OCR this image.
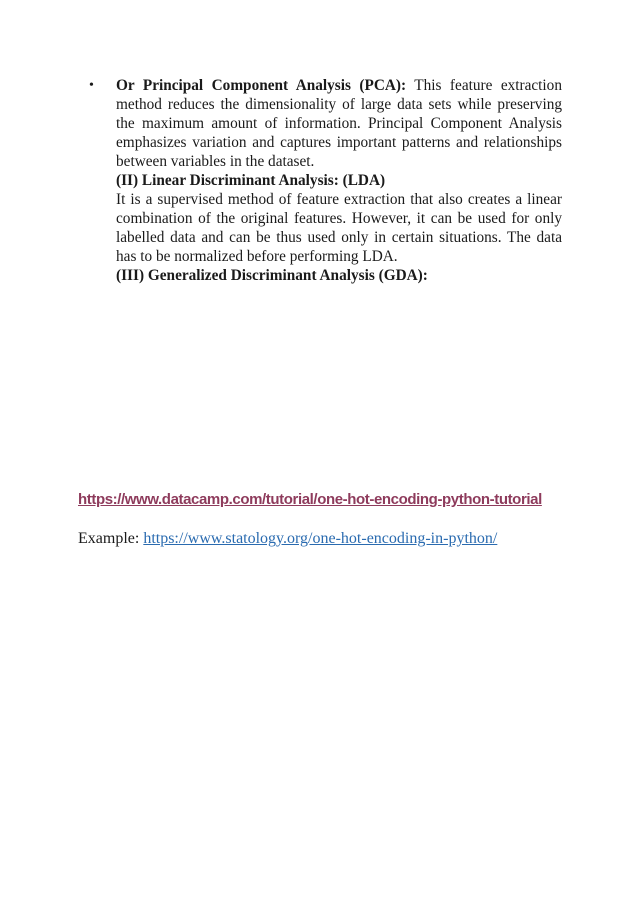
•	Or Principal Component Analysis (PCA): This feature extraction method reduces the dimensionality of large data sets while preserving the maximum amount of information. Principal Component Analysis emphasizes variation and captures important patterns and relationships between variables in the dataset.

(II) Linear Discriminant Analysis: (LDA)

It is a supervised method of feature extraction that also creates a linear combination of the original features. However, it can be used for only labelled data and can be thus used only in certain situations. The data has to be normalized before performing LDA.

(III) Generalized Discriminant Analysis (GDA):

https://www.datacamp.com/tutorial/one-hot-encoding-python-tutorial
Example: https://www.statology.org/one-hot-encoding-in-python/
